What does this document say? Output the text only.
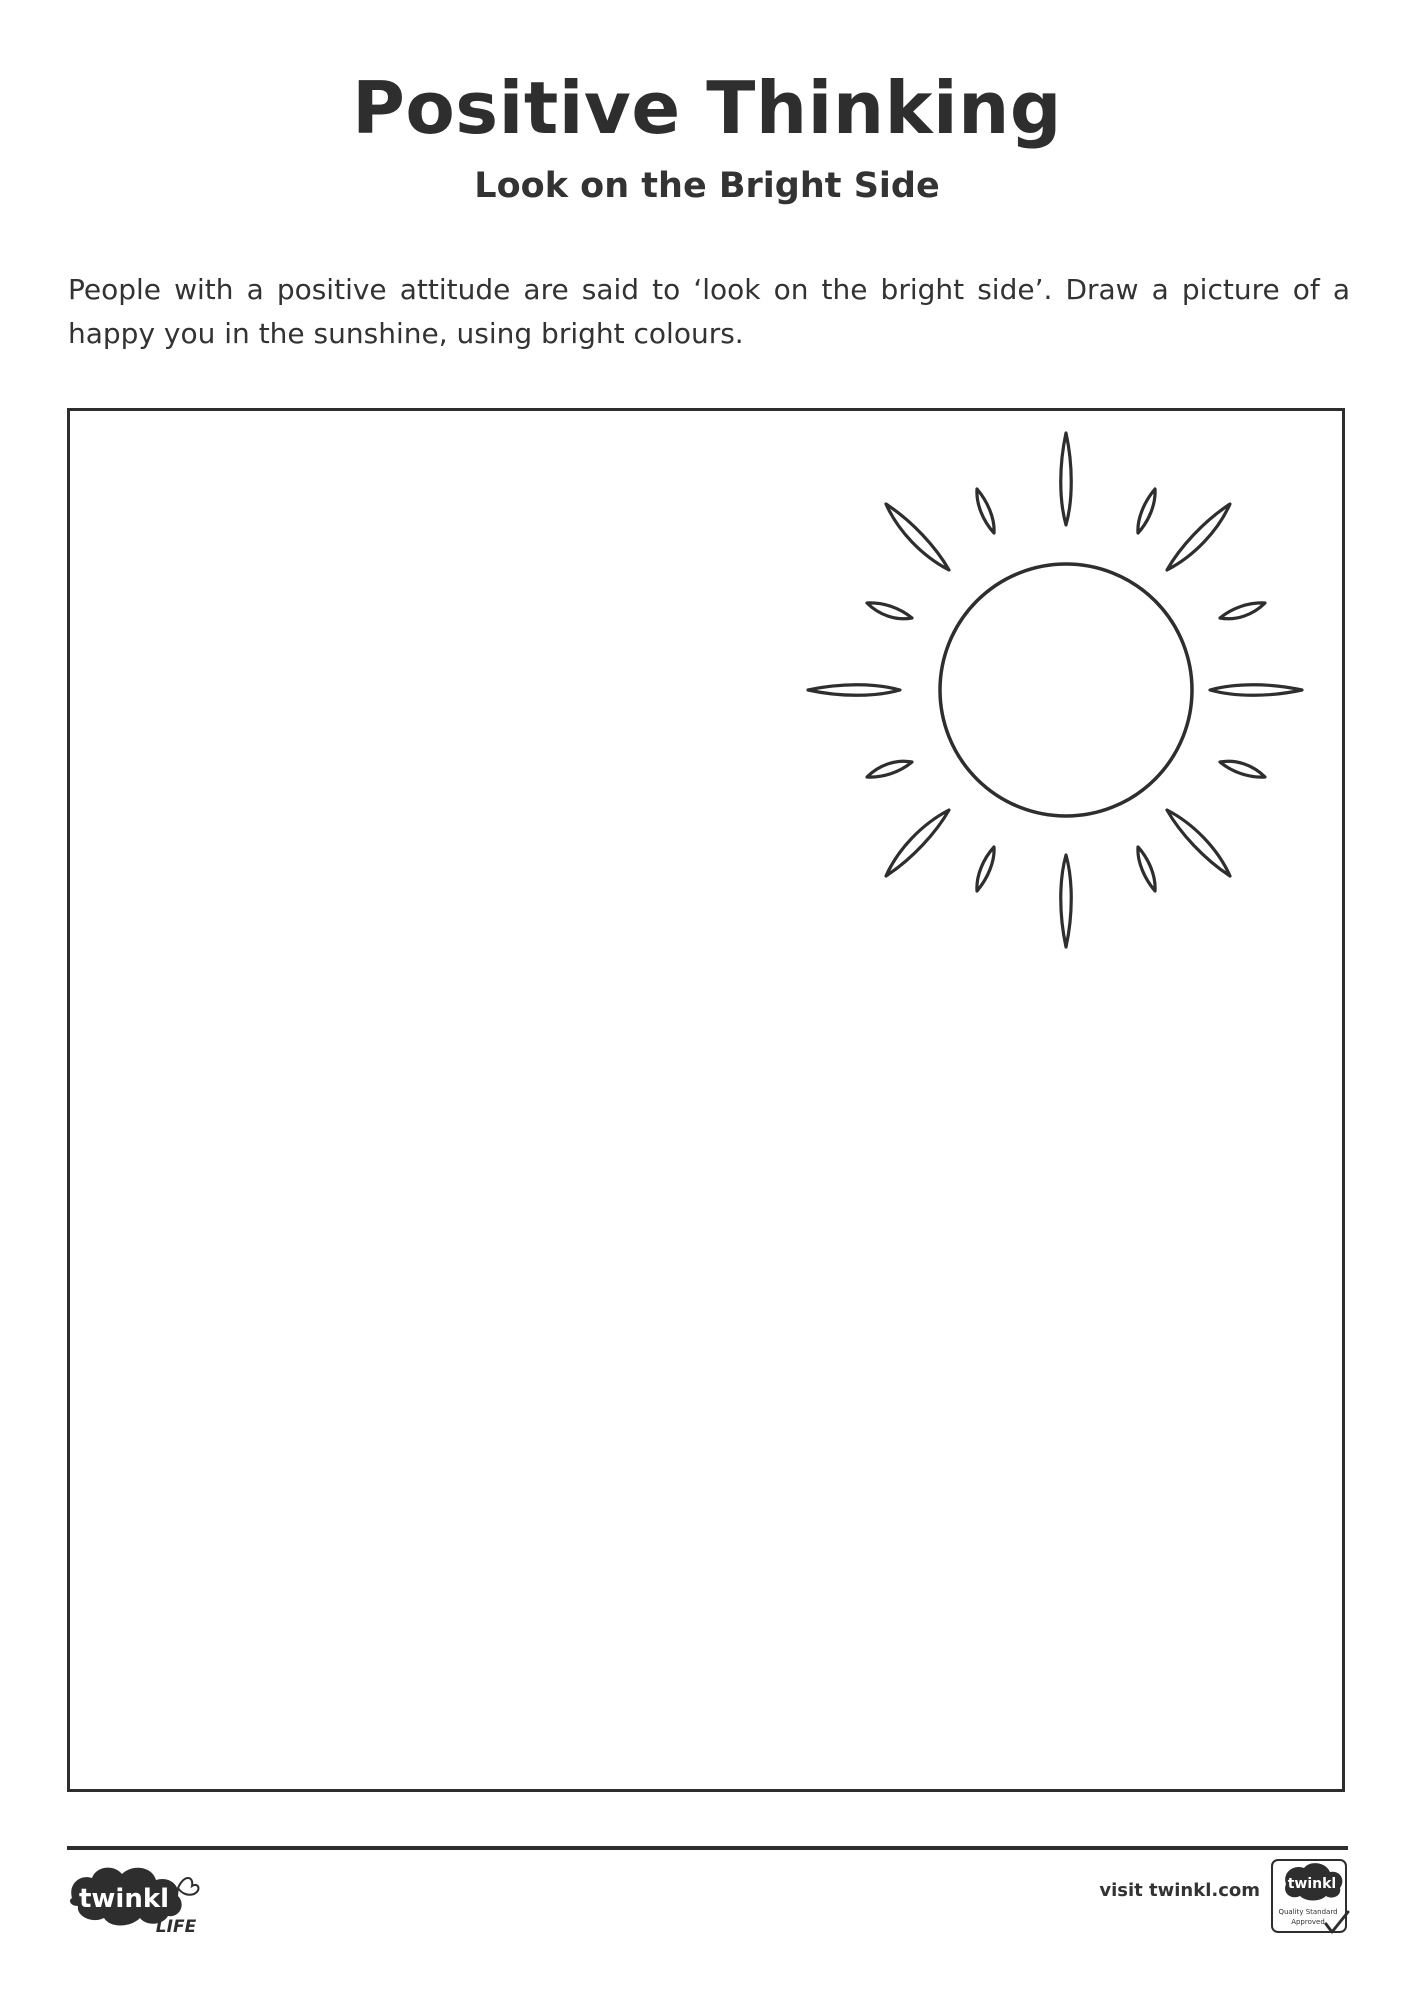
Positive Thinking
Look on the Bright Side

People with a positive attitude are said to ‘look on the bright side’. Draw a picture of a happy you in the sunshine, using bright colours.

twinkl
LIFE
visit twinkl.com twinkl
Quality Standard
Approved
